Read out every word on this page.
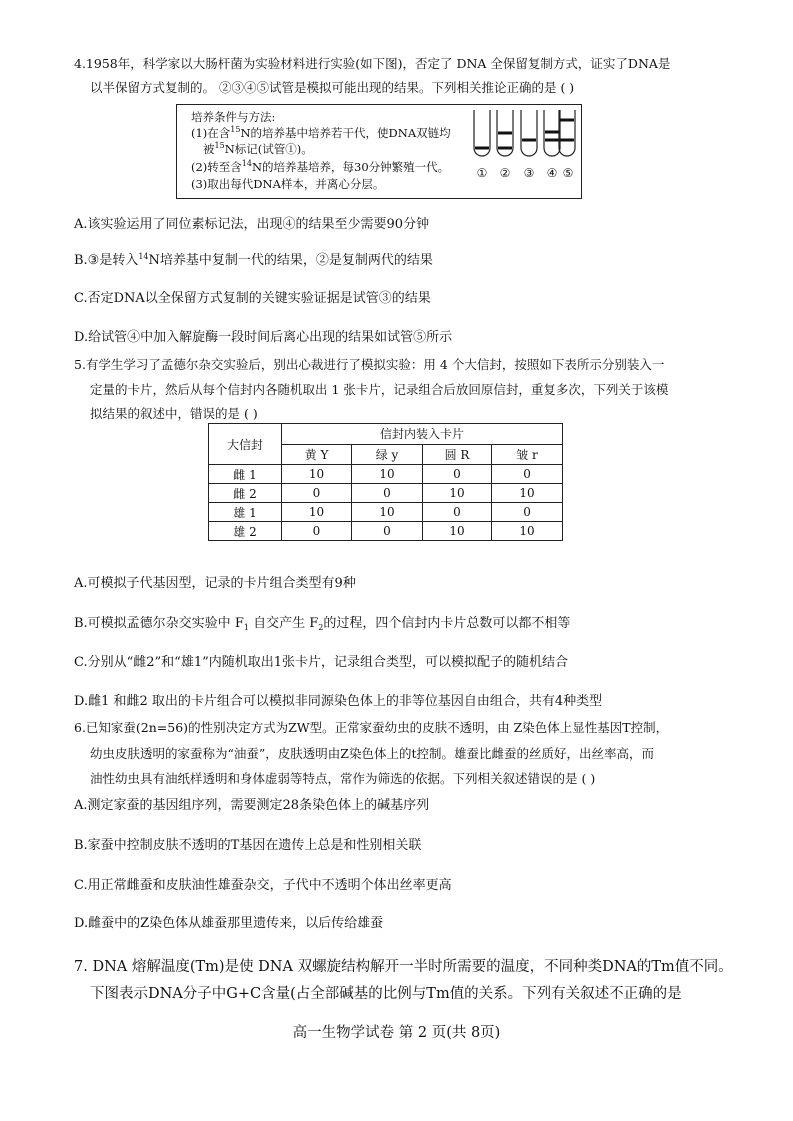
4.1958年，科学家以大肠杆菌为实验材料进行实验(如下图)，否定了 DNA 全保留复制方式，证实了DNA是
以半保留方式复制的。 ②③④⑤试管是模拟可能出现的结果。下列相关推论正确的是 ( )
培养条件与方法:
(1)在含$^{15}$N的培养基中培养若干代，使DNA双链均
被$^{15}$N标记(试管①)。
(2)转至含$^{14}$N的培养基培养，每30分钟繁殖一代。
(3)取出每代DNA样本，并离心分层。
① ② ③ ④ ⑤
A.该实验运用了同位素标记法，出现④的结果至少需要90分钟
B.③是转入$^{14}$N培养基中复制一代的结果，②是复制两代的结果
C.否定DNA以全保留方式复制的关键实验证据是试管③的结果
D.给试管④中加入解旋酶一段时间后离心出现的结果如试管⑤所示
5.有学生学习了孟德尔杂交实验后，别出心裁进行了模拟实验：用 4 个大信封，按照如下表所示分别装入一
定量的卡片，然后从每个信封内各随机取出 1 张卡片，记录组合后放回原信封，重复多次，下列关于该模
拟结果的叙述中，错误的是 ( )
大信封	信封内装入卡片			
	黄 Y	绿 y	圆 R	皱 r
雌 1	10	10	0	0
雌 2	0	0	10	10
雄 1	10	10	0	0
雄 2	0	0	10	10
A.可模拟子代基因型，记录的卡片组合类型有9种
B.可模拟孟德尔杂交实验中 $F_1$ 自交产生 $F_2$的过程，四个信封内卡片总数可以都不相等
C.分别从“雌2”和“雄1”内随机取出1张卡片，记录组合类型，可以模拟配子的随机结合
D.雌1 和雌2 取出的卡片组合可以模拟非同源染色体上的非等位基因自由组合，共有4种类型
6.已知家蚕(2n=56)的性别决定方式为ZW型。正常家蚕幼虫的皮肤不透明，由 Z染色体上显性基因T控制，
幼虫皮肤透明的家蚕称为“油蚕”，皮肤透明由Z染色体上的t控制。雄蚕比雌蚕的丝质好，出丝率高，而
油性幼虫具有油纸样透明和身体虚弱等特点，常作为筛选的依据。下列相关叙述错误的是 ( )
A.测定家蚕的基因组序列，需要测定28条染色体上的碱基序列
B.家蚕中控制皮肤不透明的T基因在遗传上总是和性别相关联
C.用正常雌蚕和皮肤油性雄蚕杂交，子代中不透明个体出丝率更高
D.雌蚕中的Z染色体从雄蚕那里遗传来，以后传给雄蚕
7. DNA 熔解温度(Tm)是使 DNA 双螺旋结构解开一半时所需要的温度，不同种类DNA的Tm值不同。
下图表示DNA分子中G+C含量(占全部碱基的比例与Tm值的关系。下列有关叙述不正确的是
高一生物学试卷 第 2 页(共 8页)
